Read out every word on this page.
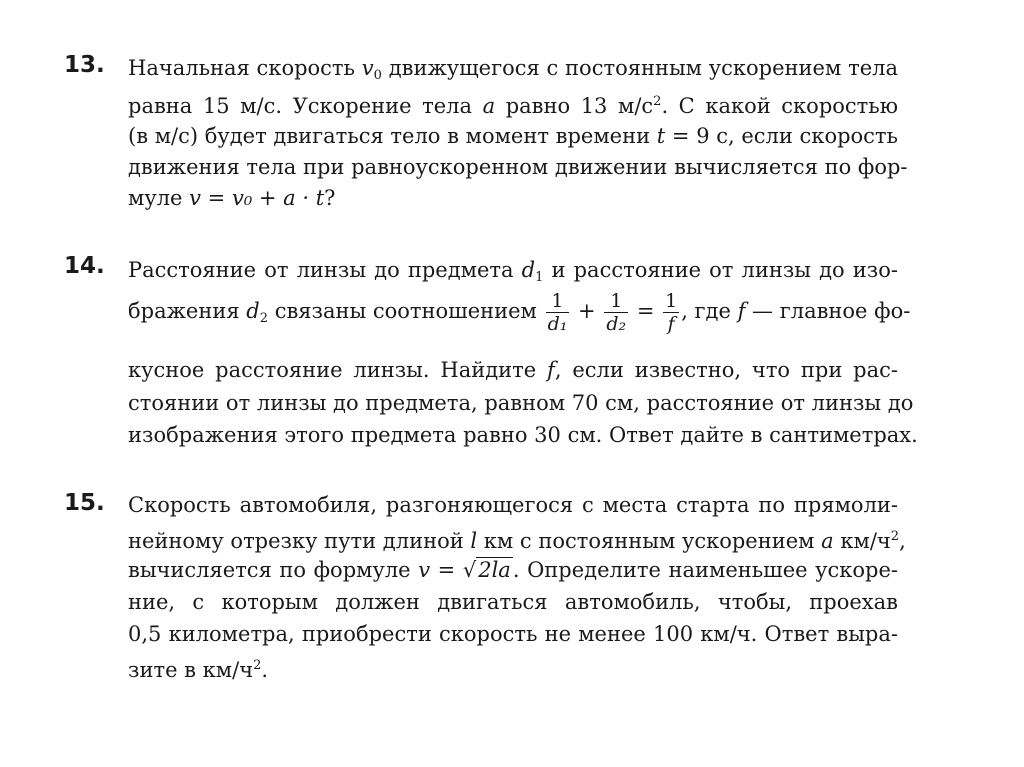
13. Начальная скорость $v_0$ движущегося с постоянным ускорением тела
равна 15 м/с. Ускорение тела a равно 13 $м/с^2$. С какой скоростью
(в м/с) будет двигаться тело в момент времени t = 9 с, если скорость
движения тела при равноускоренном движении вычисляется по фор-
муле v = v₀ + a · t?
14. Расстояние от линзы до предмета $d_1$ и расстояние от линзы до изо-
бражения $d_2$ связаны соотношением $\frac{1}{\text{d₁}} + \frac{1}{\text{d₂}} = \frac{1}{f}$ , где f — главное фо-
кусное расстояние линзы. Найдите f, если известно, что при рас-
стоянии от линзы до предмета, равном 70 см, расстояние от линзы до
изображения этого предмета равно 30 см. Ответ дайте в сантиметрах.
15. Скорость автомобиля, разгоняющегося с места старта по прямоли-
нейному отрезку пути длиной l км с постоянным ускорением a $км/ч^2$,
вычисляется по формуле v = √2la. Определите наименьшее ускоре-
ние, с которым должен двигаться автомобиль, чтобы, проехав
0,5 километра, приобрести скорость не менее 100 км/ч. Ответ выра-
зите в $км/ч^2$.
